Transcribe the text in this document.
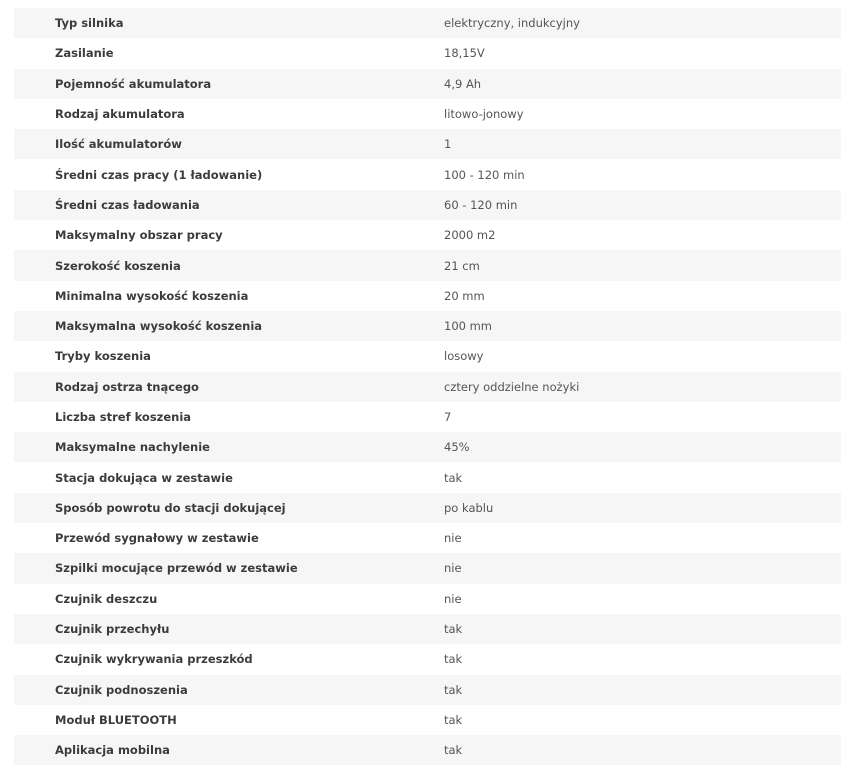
Typ silnika	elektryczny, indukcyjny
Zasilanie	18,15V
Pojemność akumulatora	4,9 Ah
Rodzaj akumulatora	litowo-jonowy
Ilość akumulatorów	1
Średni czas pracy (1 ładowanie)	100 - 120 min
Średni czas ładowania	60 - 120 min
Maksymalny obszar pracy	2000 m2
Szerokość koszenia	21 cm
Minimalna wysokość koszenia	20 mm
Maksymalna wysokość koszenia	100 mm
Tryby koszenia	losowy
Rodzaj ostrza tnącego	cztery oddzielne nożyki
Liczba stref koszenia	7
Maksymalne nachylenie	45%
Stacja dokująca w zestawie	tak
Sposób powrotu do stacji dokującej	po kablu
Przewód sygnałowy w zestawie	nie
Szpilki mocujące przewód w zestawie	nie
Czujnik deszczu	nie
Czujnik przechyłu	tak
Czujnik wykrywania przeszkód	tak
Czujnik podnoszenia	tak
Moduł BLUETOOTH	tak
Aplikacja mobilna	tak
